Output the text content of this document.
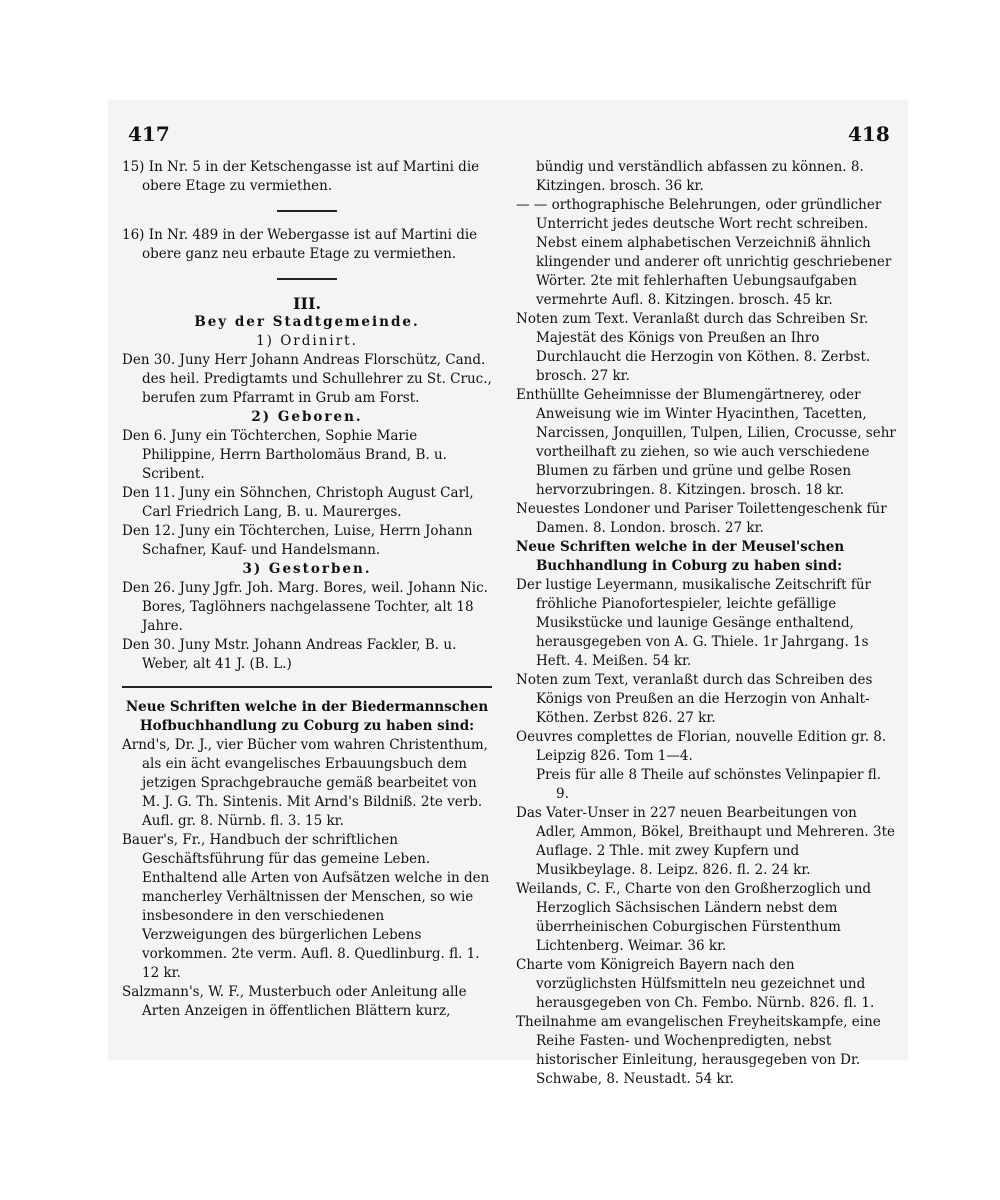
417	418

15) In Nr. 5 in der Ketschengasse ist auf Martini die obere Etage zu vermiethen.

16) In Nr. 489 in der Webergasse ist auf Martini die obere ganz neu erbaute Etage zu vermiethen.

III.

Bey der Stadtgemeinde.

1) Ordinirt.

Den 30. Juny Herr Johann Andreas Florschütz, Cand. des heil. Predigtamts und Schullehrer zu St. Cruc., berufen zum Pfarramt in Grub am Forst.

2) Geboren.

Den 6. Juny ein Töchterchen, Sophie Marie Philippine, Herrn Bartholomäus Brand, B. u. Scribent.

Den 11. Juny ein Söhnchen, Christoph August Carl, Carl Friedrich Lang, B. u. Maurerges.

Den 12. Juny ein Töchterchen, Luise, Herrn Johann Schafner, Kauf- und Handelsmann.

3) Gestorben.

Den 26. Juny Jgfr. Joh. Marg. Bores, weil. Johann Nic. Bores, Taglöhners nachgelassene Tochter, alt 18 Jahre.

Den 30. Juny Mstr. Johann Andreas Fackler, B. u. Weber, alt 41 J. (B. L.)

Neue Schriften welche in der Biedermannschen Hofbuchhandlung zu Coburg zu haben sind:

Arnd's, Dr. J., vier Bücher vom wahren Christenthum, als ein ächt evangelisches Erbauungsbuch dem jetzigen Sprachgebrauche gemäß bearbeitet von M. J. G. Th. Sintenis. Mit Arnd's Bildniß. 2te verb. Aufl. gr. 8. Nürnb. fl. 3. 15 kr.

Bauer's, Fr., Handbuch der schriftlichen Geschäftsführung für das gemeine Leben. Enthaltend alle Arten von Aufsätzen welche in den mancherley Verhältnissen der Menschen, so wie insbesondere in den verschiedenen Verzweigungen des bürgerlichen Lebens vorkommen. 2te verm. Aufl. 8. Quedlinburg. fl. 1. 12 kr.

Salzmann's, W. F., Musterbuch oder Anleitung alle Arten Anzeigen in öffentlichen Blättern kurz,

bündig und verständlich abfassen zu können. 8. Kitzingen. brosch. 36 kr.

— — orthographische Belehrungen, oder gründlicher Unterricht jedes deutsche Wort recht schreiben. Nebst einem alphabetischen Verzeichniß ähnlich klingender und anderer oft unrichtig geschriebener Wörter. 2te mit fehlerhaften Uebungsaufgaben vermehrte Aufl. 8. Kitzingen. brosch. 45 kr.

Noten zum Text. Veranlaßt durch das Schreiben Sr. Majestät des Königs von Preußen an Ihro Durchlaucht die Herzogin von Köthen. 8. Zerbst. brosch. 27 kr.

Enthüllte Geheimnisse der Blumengärtnerey, oder Anweisung wie im Winter Hyacinthen, Tacetten, Narcissen, Jonquillen, Tulpen, Lilien, Crocusse, sehr vortheilhaft zu ziehen, so wie auch verschiedene Blumen zu färben und grüne und gelbe Rosen hervorzubringen. 8. Kitzingen. brosch. 18 kr.

Neuestes Londoner und Pariser Toilettengeschenk für Damen. 8. London. brosch. 27 kr.

Neue Schriften welche in der Meusel'schen Buchhandlung in Coburg zu haben sind:

Der lustige Leyermann, musikalische Zeitschrift für fröhliche Pianofortespieler, leichte gefällige Musikstücke und launige Gesänge enthaltend, herausgegeben von A. G. Thiele. 1r Jahrgang. 1s Heft. 4. Meißen. 54 kr.

Noten zum Text, veranlaßt durch das Schreiben des Königs von Preußen an die Herzogin von Anhalt-Köthen. Zerbst 826. 27 kr.

Oeuvres complettes de Florian, nouvelle Edition gr. 8. Leipzig 826. Tom 1—4.

Preis für alle 8 Theile auf schönstes Velinpapier fl. 9.

Das Vater-Unser in 227 neuen Bearbeitungen von Adler, Ammon, Bökel, Breithaupt und Mehreren. 3te Auflage. 2 Thle. mit zwey Kupfern und Musikbeylage. 8. Leipz. 826. fl. 2. 24 kr.

Weilands, C. F., Charte von den Großherzoglich und Herzoglich Sächsischen Ländern nebst dem überrheinischen Coburgischen Fürstenthum Lichtenberg. Weimar. 36 kr.

Charte vom Königreich Bayern nach den vorzüglichsten Hülfsmitteln neu gezeichnet und herausgegeben von Ch. Fembo. Nürnb. 826. fl. 1.

Theilnahme am evangelischen Freyheitskampfe, eine Reihe Fasten- und Wochenpredigten, nebst historischer Einleitung, herausgegeben von Dr. Schwabe, 8. Neustadt. 54 kr.
